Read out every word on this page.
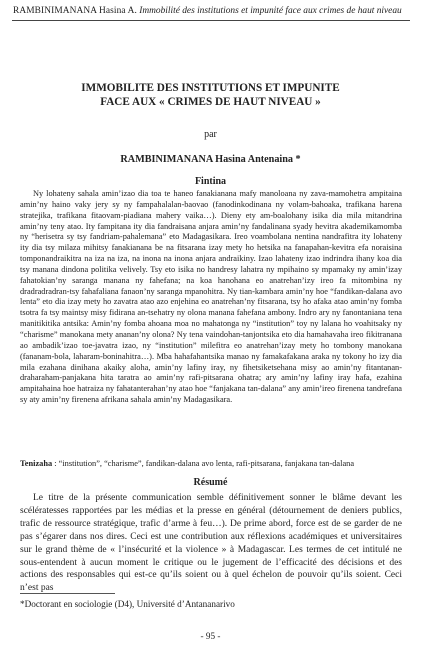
RAMBINIMANANA Hasina A. Immobilité des institutions et impunité face aux crimes de haut niveau
IMMOBILITE DES INSTITUTIONS ET IMPUNITE
FACE AUX « CRIMES DE HAUT NIVEAU »
par
RAMBINIMANANA Hasina Antenaina *
Fintina

Ny lohateny sahala amin’izao dia toa te haneo fanakianana mafy manoloana ny zava-mamohetra ampitaina amin’ny haino vaky jery sy ny fampahalalan-baovao (fanodinkodinana ny volam-bahoaka, trafikana harena stratejika, trafikana fitaovam-piadiana mahery vaika…). Dieny ety am-boalohany isika dia mila mitandrina amin’ny teny atao. Ity fampitana ity dia fandraisana anjara amin’ny fandalinana syady hevitra akademikamomba ny “herisetra sy tsy fandriam-pahalemana” eto Madagasikara. Ireo voambolana nentina nandrafitra ity lohateny ity dia tsy milaza mihitsy fanakianana be na fitsarana izay mety ho hetsika na fanapahan-kevitra efa noraisina tomponandraikitra na iza na iza, na inona na inona anjara andraikiny. Izao lahateny izao indrindra ihany koa dia tsy manana dindona politika velively. Tsy eto isika no handresy lahatra ny mpihaino sy mpamaky ny amin’izay fahatokian’ny saranga manana ny fahefana; na koa hanohana eo anatrehan’izy ireo fa mitombina ny dradradradran-tsy fahafaliana fanaon’ny saranga mpanohitra. Ny tian-kambara amin’ny hoe “fandikan-dalana avo lenta” eto dia izay mety ho zavatra atao azo enjehina eo anatrehan’ny fitsarana, tsy ho afaka atao amin’ny fomba tsotra fa tsy maintsy misy fidirana an-tsehatry ny olona manana fahefana ambony. Indro ary ny fanontaniana tena manitikitika antsika: Amin’ny fomba ahoana moa no mahatonga ny “institution” toy ny lalana ho voahitsaky ny “charisme” manokana mety ananan’ny olona? Ny tena vaindohan-tanjontsika eto dia hamahavaha ireo fikitranana ao ambadik’izao toe-javatra izao, ny “institution” milefitra eo anatrehan’izay mety ho tombony manokana (fananam-bola, laharam-boninahitra…). Mba hahafahantsika manao ny famakafakana araka ny tokony ho izy dia mila ezahana dinihana akaiky aloha, amin’ny lafiny iray, ny fihetsiketsehana misy ao amin’ny fitantanan-draharaham-panjakana hita taratra ao amin’ny rafi-pitsarana ohatra; ary amin’ny lafiny iray hafa, ezahina ampitahaina hoe hatraiza ny fahatanterahan’ny atao hoe “fanjakana tan-dalana” any amin’ireo firenena tandrefana sy aty amin’ny firenena afrikana sahala amin’ny Madagasikara.

Tenizaha : “institution”, “charisme”, fandikan-dalana avo lenta, rafi-pitsarana, fanjakana tan-dalana
Résumé

Le titre de la présente communication semble définitivement sonner le blâme devant les scélératesses rapportées par les médias et la presse en général (détournement de deniers publics, trafic de ressource stratégique, trafic d’arme à feu…). De prime abord, force est de se garder de ne pas s’égarer dans nos dires. Ceci est une contribution aux réflexions académiques et universitaires sur le grand thème de « l’insécurité et la violence » à Madagascar. Les termes de cet intitulé ne sous-entendent à aucun moment le critique ou le jugement de l’efficacité des décisions et des actions des responsables qui est-ce qu’ils soient ou à quel échelon de pouvoir qu’ils soient. Ceci n’est pas

*Doctorant en sociologie (D4), Université d’Antananarivo
- 95 -
